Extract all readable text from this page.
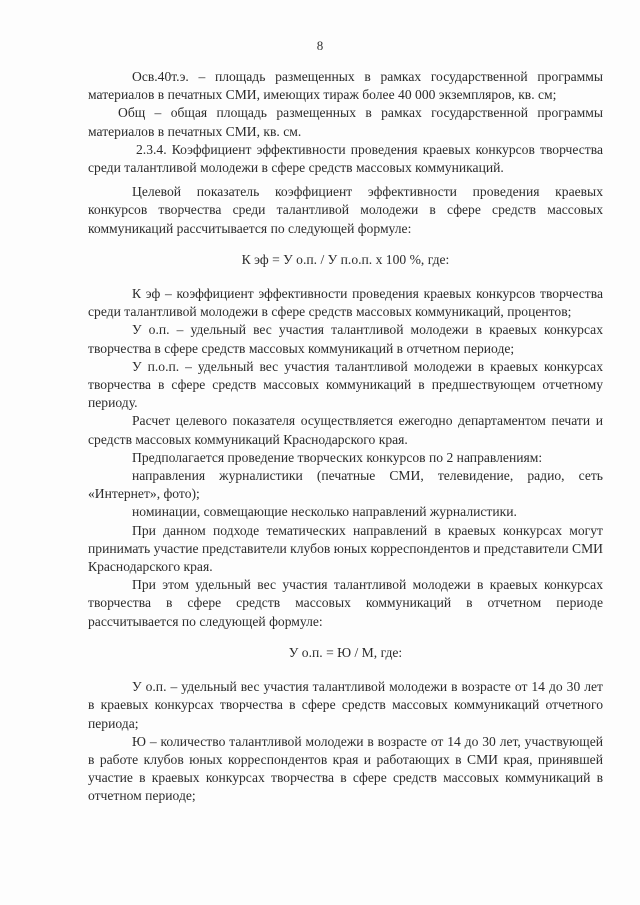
8

Осв.40т.э. – площадь размещенных в рамках государственной программы материалов в печатных СМИ, имеющих тираж более 40 000 экземпляров, кв. см;

Oбщ – общая площадь размещенных в рамках государственной программы материалов в печатных СМИ, кв. см.

2.3.4. Коэффициент эффективности проведения краевых конкурсов творчества среди талантливой молодежи в сфере средств массовых коммуникаций.

Целевой показатель коэффициент эффективности проведения краевых конкурсов творчества среди талантливой молодежи в сфере средств массовых коммуникаций рассчитывается по следующей формуле:

К эф = У о.п. / У п.о.п. х 100 %, где:

К эф – коэффициент эффективности проведения краевых конкурсов творчества среди талантливой молодежи в сфере средств массовых коммуникаций, процентов;

У о.п. – удельный вес участия талантливой молодежи в краевых конкурсах творчества в сфере средств массовых коммуникаций в отчетном периоде;

У п.о.п. – удельный вес участия талантливой молодежи в краевых конкурсах творчества в сфере средств массовых коммуникаций в предшествующем отчетному периоду.

Расчет целевого показателя осуществляется ежегодно департаментом печати и средств массовых коммуникаций Краснодарского края.

Предполагается проведение творческих конкурсов по 2 направлениям:

направления журналистики (печатные СМИ, телевидение, радио, сеть «Интернет», фото);

номинации, совмещающие несколько направлений журналистики.

При данном подходе тематических направлений в краевых конкурсах могут принимать участие представители клубов юных корреспондентов и представители СМИ Краснодарского края.

При этом удельный вес участия талантливой молодежи в краевых конкурсах творчества в сфере средств массовых коммуникаций в отчетном периоде рассчитывается по следующей формуле:

У о.п. = Ю / М, где:

У о.п. – удельный вес участия талантливой молодежи в возрасте от 14 до 30 лет в краевых конкурсах творчества в сфере средств массовых коммуникаций отчетного периода;

Ю – количество талантливой молодежи в возрасте от 14 до 30 лет, участвующей в работе клубов юных корреспондентов края и работающих в СМИ края, принявшей участие в краевых конкурсах творчества в сфере средств массовых коммуникаций в отчетном периоде;
